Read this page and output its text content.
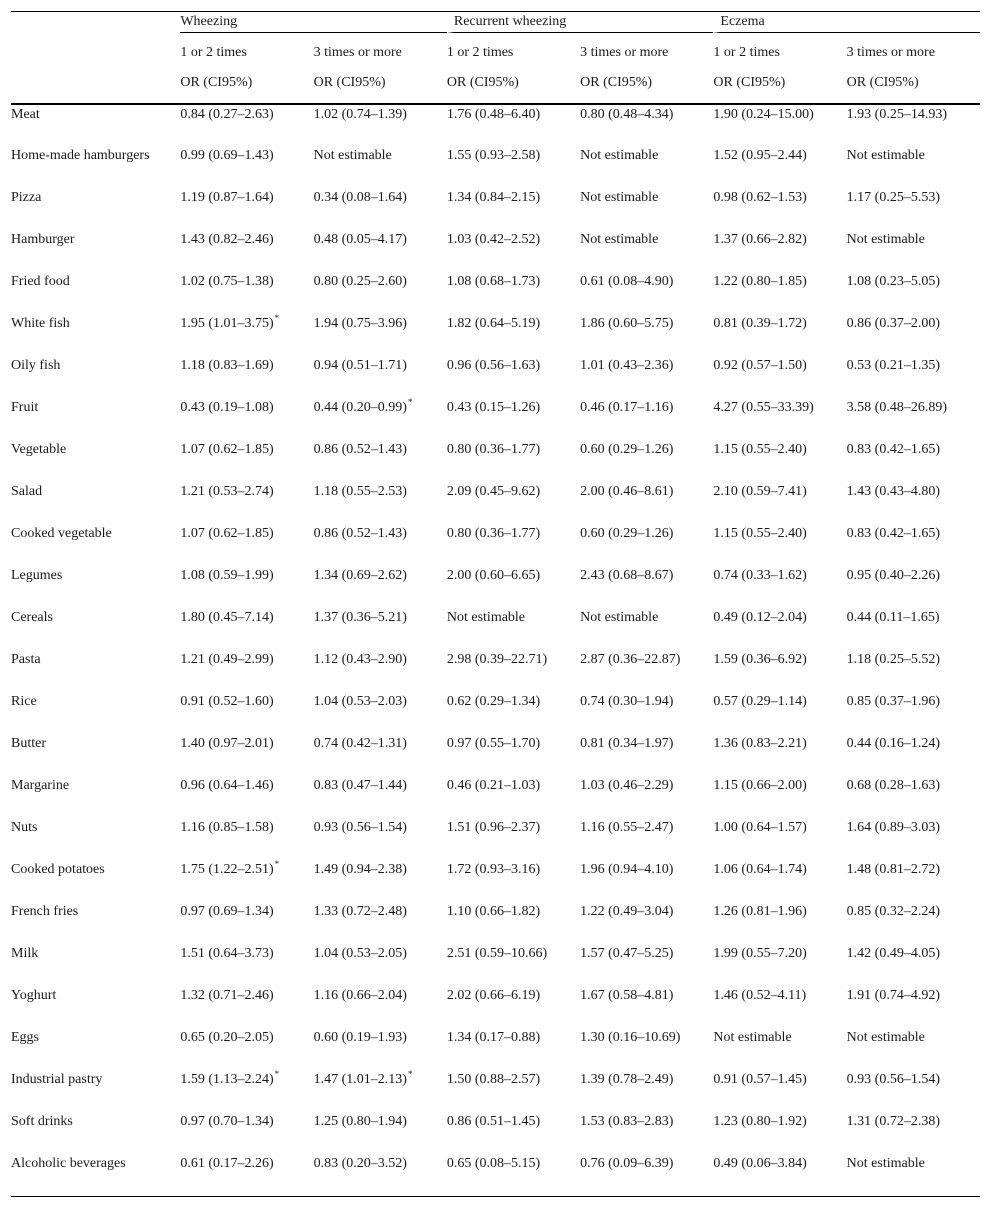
	Wheezing		Recurrent wheezing		Eczema	

	1 or 2 times	3 times or more	1 or 2 times	3 times or more	1 or 2 times	3 times or more
	OR (CI95%)	OR (CI95%)	OR (CI95%)	OR (CI95%)	OR (CI95%)	OR (CI95%)
Meat	0.84 (0.27–2.63)	1.02 (0.74–1.39)	1.76 (0.48–6.40)	0.80 (0.48–4.34)	1.90 (0.24–15.00)	1.93 (0.25–14.93)
Home-made hamburgers	0.99 (0.69–1.43)	Not estimable	1.55 (0.93–2.58)	Not estimable	1.52 (0.95–2.44)	Not estimable
Pizza	1.19 (0.87–1.64)	0.34 (0.08–1.64)	1.34 (0.84–2.15)	Not estimable	0.98 (0.62–1.53)	1.17 (0.25–5.53)
Hamburger	1.43 (0.82–2.46)	0.48 (0.05–4.17)	1.03 (0.42–2.52)	Not estimable	1.37 (0.66–2.82)	Not estimable
Fried food	1.02 (0.75–1.38)	0.80 (0.25–2.60)	1.08 (0.68–1.73)	0.61 (0.08–4.90)	1.22 (0.80–1.85)	1.08 (0.23–5.05)
White fish	1.95 (1.01–3.75)*	1.94 (0.75–3.96)	1.82 (0.64–5.19)	1.86 (0.60–5.75)	0.81 (0.39–1.72)	0.86 (0.37–2.00)
Oily fish	1.18 (0.83–1.69)	0.94 (0.51–1.71)	0.96 (0.56–1.63)	1.01 (0.43–2.36)	0.92 (0.57–1.50)	0.53 (0.21–1.35)
Fruit	0.43 (0.19–1.08)	0.44 (0.20–0.99)*	0.43 (0.15–1.26)	0.46 (0.17–1.16)	4.27 (0.55–33.39)	3.58 (0.48–26.89)
Vegetable	1.07 (0.62–1.85)	0.86 (0.52–1.43)	0.80 (0.36–1.77)	0.60 (0.29–1.26)	1.15 (0.55–2.40)	0.83 (0.42–1.65)
Salad	1.21 (0.53–2.74)	1.18 (0.55–2.53)	2.09 (0.45–9.62)	2.00 (0.46–8.61)	2.10 (0.59–7.41)	1.43 (0.43–4.80)
Cooked vegetable	1.07 (0.62–1.85)	0.86 (0.52–1.43)	0.80 (0.36–1.77)	0.60 (0.29–1.26)	1.15 (0.55–2.40)	0.83 (0.42–1.65)
Legumes	1.08 (0.59–1.99)	1.34 (0.69–2.62)	2.00 (0.60–6.65)	2.43 (0.68–8.67)	0.74 (0.33–1.62)	0.95 (0.40–2.26)
Cereals	1.80 (0.45–7.14)	1.37 (0.36–5.21)	Not estimable	Not estimable	0.49 (0.12–2.04)	0.44 (0.11–1.65)
Pasta	1.21 (0.49–2.99)	1.12 (0.43–2.90)	2.98 (0.39–22.71)	2.87 (0.36–22.87)	1.59 (0.36–6.92)	1.18 (0.25–5.52)
Rice	0.91 (0.52–1.60)	1.04 (0.53–2.03)	0.62 (0.29–1.34)	0.74 (0.30–1.94)	0.57 (0.29–1.14)	0.85 (0.37–1.96)
Butter	1.40 (0.97–2.01)	0.74 (0.42–1.31)	0.97 (0.55–1.70)	0.81 (0.34–1.97)	1.36 (0.83–2.21)	0.44 (0.16–1.24)
Margarine	0.96 (0.64–1.46)	0.83 (0.47–1.44)	0.46 (0.21–1.03)	1.03 (0.46–2.29)	1.15 (0.66–2.00)	0.68 (0.28–1.63)
Nuts	1.16 (0.85–1.58)	0.93 (0.56–1.54)	1.51 (0.96–2.37)	1.16 (0.55–2.47)	1.00 (0.64–1.57)	1.64 (0.89–3.03)
Cooked potatoes	1.75 (1.22–2.51)*	1.49 (0.94–2.38)	1.72 (0.93–3.16)	1.96 (0.94–4.10)	1.06 (0.64–1.74)	1.48 (0.81–2.72)
French fries	0.97 (0.69–1.34)	1.33 (0.72–2.48)	1.10 (0.66–1.82)	1.22 (0.49–3.04)	1.26 (0.81–1.96)	0.85 (0.32–2.24)
Milk	1.51 (0.64–3.73)	1.04 (0.53–2.05)	2.51 (0.59–10.66)	1.57 (0.47–5.25)	1.99 (0.55–7.20)	1.42 (0.49–4.05)
Yoghurt	1.32 (0.71–2.46)	1.16 (0.66–2.04)	2.02 (0.66–6.19)	1.67 (0.58–4.81)	1.46 (0.52–4.11)	1.91 (0.74–4.92)
Eggs	0.65 (0.20–2.05)	0.60 (0.19–1.93)	1.34 (0.17–0.88)	1.30 (0.16–10.69)	Not estimable	Not estimable
Industrial pastry	1.59 (1.13–2.24)*	1.47 (1.01–2.13)*	1.50 (0.88–2.57)	1.39 (0.78–2.49)	0.91 (0.57–1.45)	0.93 (0.56–1.54)
Soft drinks	0.97 (0.70–1.34)	1.25 (0.80–1.94)	0.86 (0.51–1.45)	1.53 (0.83–2.83)	1.23 (0.80–1.92)	1.31 (0.72–2.38)
Alcoholic beverages	0.61 (0.17–2.26)	0.83 (0.20–3.52)	0.65 (0.08–5.15)	0.76 (0.09–6.39)	0.49 (0.06–3.84)	Not estimable
